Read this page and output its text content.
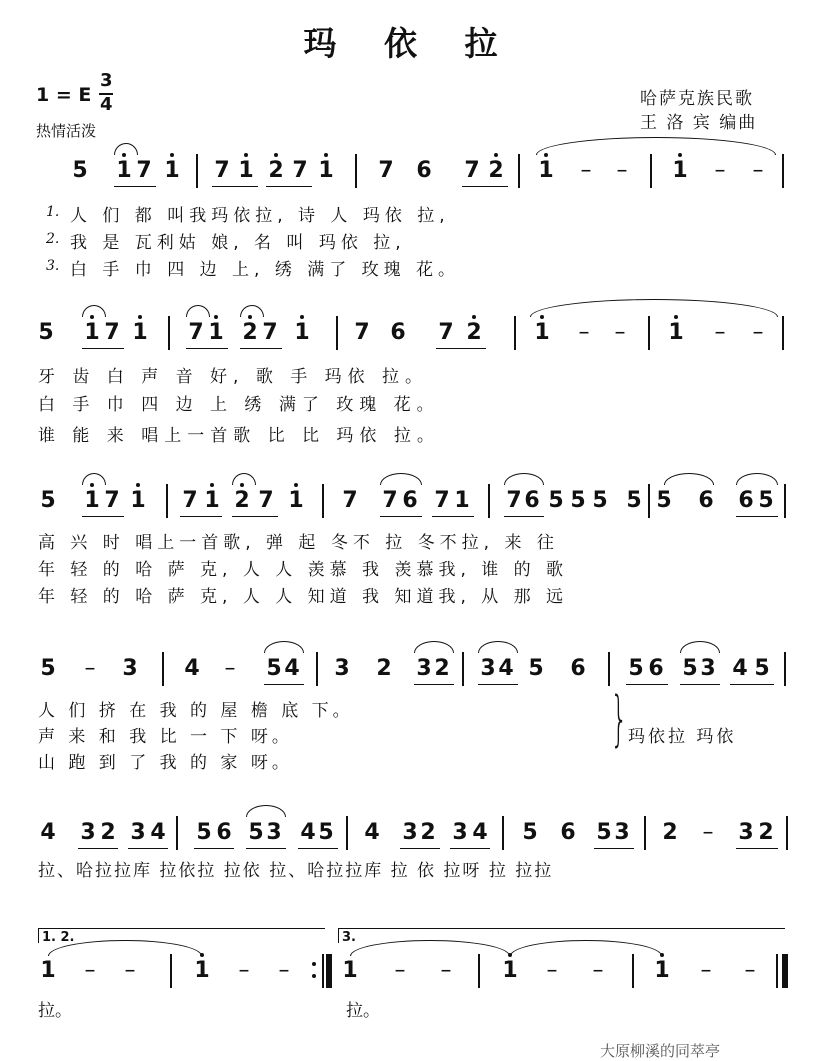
玛 依 拉
1 = E
3
4
热情活泼
哈萨克族民歌
王 洛 宾 编曲
5 1 7 1 7 1 2 7 1 7 6 7 2 1 – – 1 – –
1. 人 们 都 叫我玛依拉, 诗 人 玛依 拉,
2. 我 是 瓦利姑 娘, 名 叫 玛依 拉,
3. 白 手 巾 四 边 上, 绣 满了 玫瑰 花。
5 1 7 1 7 1 2 7 1 7 6 7 2 1 – – 1 – –
牙 齿 白 声 音 好, 歌 手 玛依 拉。
白 手 巾 四 边 上 绣 满了 玫瑰 花。
谁 能 来 唱上一首歌 比 比 玛依 拉。
5 1 7 1 7 1 2 7 1 7 7 6 7 1 7 6 5 5 5 5 5 6 6 5
高 兴 时 唱上一首歌, 弹 起 冬不 拉 冬不拉, 来 往
年 轻 的 哈 萨 克, 人 人 羡慕 我 羡慕我, 谁 的 歌
年 轻 的 哈 萨 克, 人 人 知道 我 知道我, 从 那 远
5 – 3 4 – 5 4 3 2 3 2 3 4 5 6 5 6 5 3 4 5
人 们 挤 在 我 的 屋 檐 底 下。
声 来 和 我 比 一 下 呀。
山 跑 到 了 我 的 家 呀。
} 玛依拉 玛依
4 3 2 3 4 5 6 5 3 4 5 4 3 2 3 4 5 6 5 3 2 – 3 2
拉、哈拉拉库 拉依拉 拉依 拉、哈拉拉库 拉 依 拉呀 拉 拉拉
1. 2.	3.
1 – –	1 – – 1 – – 1 – – 1 – –
拉。	拉。
大原柳溪的同萃亭
